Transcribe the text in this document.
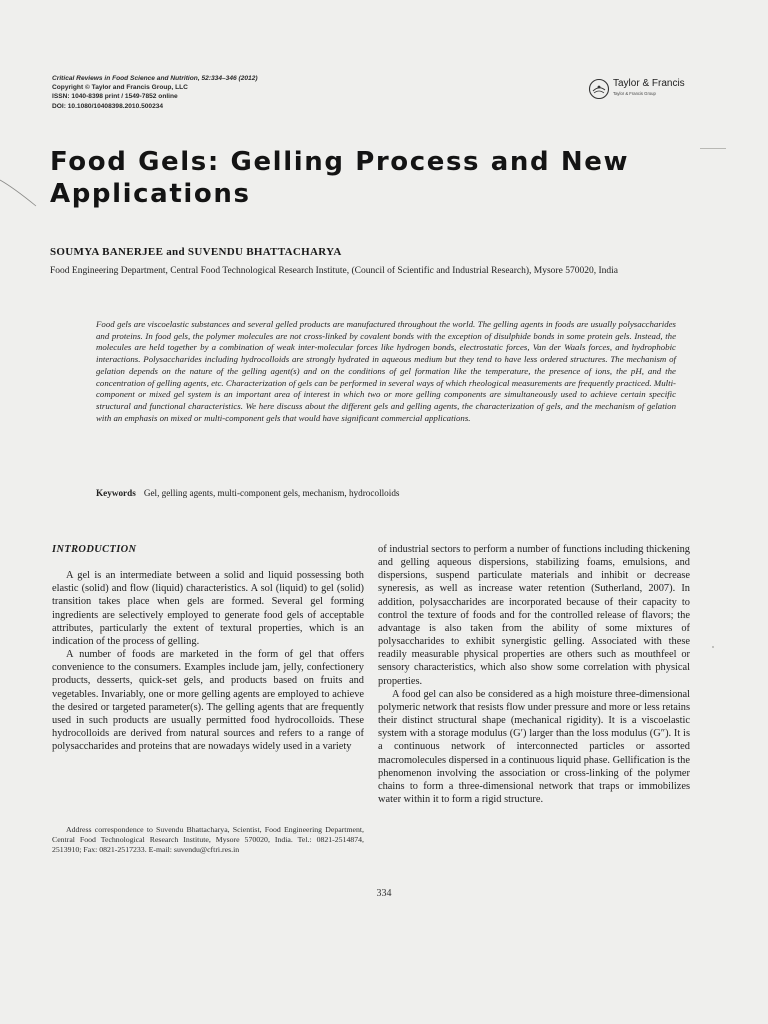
Critical Reviews in Food Science and Nutrition, 52:334–346 (2012)
Copyright © Taylor and Francis Group, LLC
ISSN: 1040-8398 print / 1549-7852 online
DOI: 10.1080/10408398.2010.500234
Taylor & Francis
Taylor & Francis Group
Food Gels: Gelling Process and New Applications
SOUMYA BANERJEE and SUVENDU BHATTACHARYA
Food Engineering Department, Central Food Technological Research Institute, (Council of Scientific and Industrial Research), Mysore 570020, India

Food gels are viscoelastic substances and several gelled products are manufactured throughout the world. The gelling agents in foods are usually polysaccharides and proteins. In food gels, the polymer molecules are not cross-linked by covalent bonds with the exception of disulphide bonds in some protein gels. Instead, the molecules are held together by a combination of weak inter-molecular forces like hydrogen bonds, electrostatic forces, Van der Waals forces, and hydrophobic interactions. Polysaccharides including hydrocolloids are strongly hydrated in aqueous medium but they tend to have less ordered structures. The mechanism of gelation depends on the nature of the gelling agent(s) and on the conditions of gel formation like the temperature, the presence of ions, the pH, and the concentration of gelling agents, etc. Characterization of gels can be performed in several ways of which rheological measurements are frequently practiced. Multi-component or mixed gel system is an important area of interest in which two or more gelling components are simultaneously used to achieve certain specific structural and functional characteristics. We here discuss about the different gels and gelling agents, the characterization of gels, and the mechanism of gelation with an emphasis on mixed or multi-component gels that would have significant commercial applications.

Keywords Gel, gelling agents, multi-component gels, mechanism, hydrocolloids
INTRODUCTION

A gel is an intermediate between a solid and liquid possessing both elastic (solid) and flow (liquid) characteristics. A sol (liquid) to gel (solid) transition takes place when gels are formed. Several gel forming ingredients are selectively employed to generate food gels of acceptable attributes, particularly the extent of textural properties, which is an indication of the process of gelling.

A number of foods are marketed in the form of gel that offers convenience to the consumers. Examples include jam, jelly, confectionery products, desserts, quick-set gels, and products based on fruits and vegetables. Invariably, one or more gelling agents are employed to achieve the desired or targeted parameter(s). The gelling agents that are frequently used in such products are usually permitted food hydrocolloids. These hydrocolloids are derived from natural sources and refers to a range of polysaccharides and proteins that are nowadays widely used in a variety

of industrial sectors to perform a number of functions including thickening and gelling aqueous dispersions, stabilizing foams, emulsions, and dispersions, suspend particulate materials and inhibit or decrease syneresis, as well as increase water retention (Sutherland, 2007). In addition, polysaccharides are incorporated because of their capacity to control the texture of foods and for the controlled release of flavors; the advantage is also taken from the ability of some mixtures of polysaccharides to exhibit synergistic gelling. Associated with these readily measurable physical properties are others such as mouthfeel or sensory characteristics, which also show some correlation with physical properties.

A food gel can also be considered as a high moisture three-dimensional polymeric network that resists flow under pressure and more or less retains their distinct structural shape (mechanical rigidity). It is a viscoelastic system with a storage modulus (G′) larger than the loss modulus (G″). It is a continuous network of interconnected particles or assorted macromolecules dispersed in a continuous liquid phase. Gellification is the phenomenon involving the association or cross-linking of the polymer chains to form a three-dimensional network that traps or immobilizes water within it to form a rigid structure.

Address correspondence to Suvendu Bhattacharya, Scientist, Food Engineering Department, Central Food Technological Research Institute, Mysore 570020, India. Tel.: 0821-2514874, 2513910; Fax: 0821-2517233. E-mail: suvendu@cftri.res.in

334
